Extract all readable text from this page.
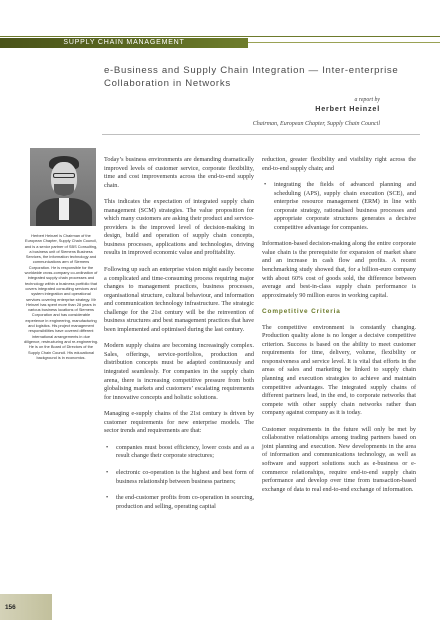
SUPPLY CHAIN MANAGEMENT
e-Business and Supply Chain Integration — Inter-enterprise Collaboration in Networks
a report by
Herbert Heinzel
Chairman, European Chapter, Supply Chain Council
Herbert Heinzel is Chairman of the European Chapter, Supply Chain Council, and is a senior partner of SBS Consulting, a business unit of Siemens Business Services, the information technology and communications arm of Siemens Corporation. He is responsible for the worldwide cross-company co-ordination of integrated supply chain processes and technology within a business portfolio that covers integrated consulting services and system integration and operational services covering enterprise strategy. Mr Heinzel has spent more than 28 years in various business locations of Siemens Corporation and has considerable experience in engineering, manufacturing and logistics. His project management responsibilities have covered different international arrangements in due diligence, restructuring and re-engineering. He is on the Board of Directors of the Supply Chain Council. His educational background is in economics.

Today’s business environments are demanding dramatically improved levels of customer service, corporate flexibility, time and cost improvements across the end-to-end supply chain.

This indicates the expectation of integrated supply chain management (SCM) strategies. The value proposition for which many customers are asking their product and service-providers is the improved level of decision-making in design, build and operation of supply chain concepts, business processes, applications and technologies, driving results in improved economic value and profitability.

Following up such an enterprise vision might easily become a complicated and time-consuming process requiring major changes to management practices, business processes, organisational structure, cultural behaviour, and information and communication technology infrastructure. The strategic challenge for the 21st century will be the reinvention of business structures and best management practices that have been implemented and optimised during the last century.

Modern supply chains are becoming increasingly complex. Sales, offerings, service-portfolios, production and distribution concepts must be adapted continuously and integrated seamlessly. For companies in the supply chain arena, there is increasing competitive pressure from both globalising markets and customers’ escalating requirements for innovative concepts and holistic solutions.

Managing e-supply chains of the 21st century is driven by customer requirements for new enterprise models. The sector trends and requirements are that:

• companies must boost efficiency, lower costs and as a result change their corporate structures;
• electronic co-operation is the highest and best form of business relationship between business partners;
• the end-customer profits from co-operation in sourcing, production and selling, operating capital

reduction, greater flexibility and visibility right across the end-to-end supply chain; and

• integrating the fields of advanced planning and scheduling (APS), supply chain execution (SCE), and enterprise resource management (ERM) in line with corporate strategy, rationalised business processes and appropriate corporate structures generates a decisive competitive advantage for companies.

Information-based decision-making along the entire corporate value chain is the prerequisite for expansion of market share and an increase in cash flow and profits. A recent benchmarking study showed that, for a billion-euro company with about 60% cost of goods sold, the difference between average and best-in-class supply chain performance is approximately 90 million euros in working capital.

Competitive Criteria

The competitive environment is constantly changing. Production quality alone is no longer a decisive competitive criterion. Success is based on the ability to meet customer requirements for time, delivery, volume, flexibility or responsiveness and service level. It is vital that efforts in the areas of sales and marketing be linked to supply chain planning and execution strategies to achieve and maintain competitive advantages. The integrated supply chains of different partners lead, in the end, to corporate networks that compete with other supply chain networks rather than company against company as it is today.

Customer requirements in the future will only be met by collaborative relationships among trading partners based on joint planning and execution. New developments in the area of information and communications technology, as well as software and support solutions such as e-business or e-commerce relationships, require end-to-end supply chain performance and develop over time from transaction-based exchange of data to real end-to-end exchange of information.

156
